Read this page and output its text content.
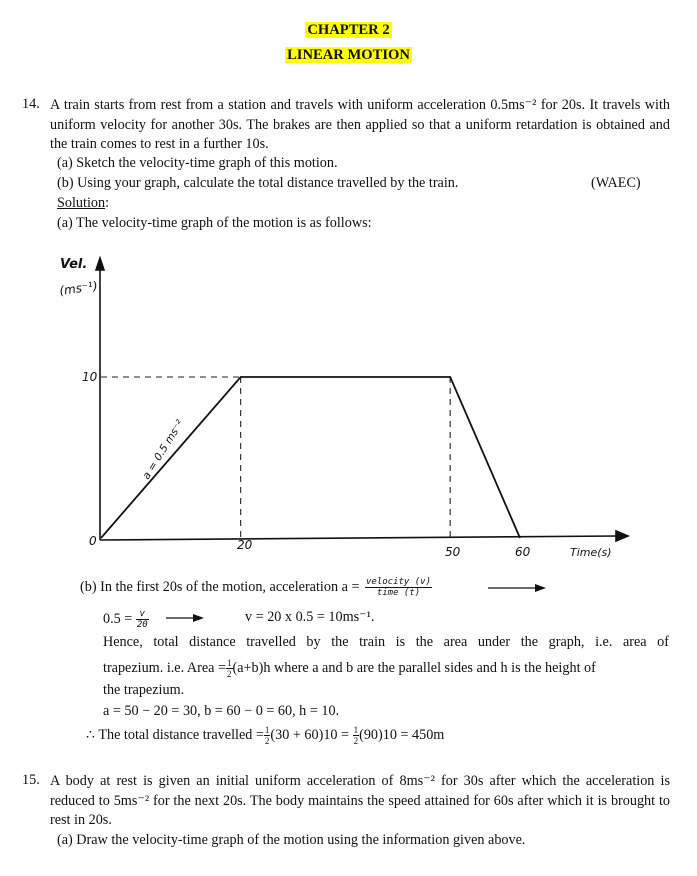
CHAPTER 2
LINEAR MOTION
14. A train starts from rest from a station and travels with uniform acceleration 0.5ms⁻² for 20s. It travels with uniform velocity for another 30s. The brakes are then applied so that a uniform retardation is obtained and the train comes to rest in a further 10s.
(a) Sketch the velocity-time graph of this motion.
(b) Using your graph, calculate the total distance travelled by the train.	(WAEC)
Solution:
(a) The velocity-time graph of the motion is as follows:
Vel.
(ms⁻¹)
10
0	20	50	60	Time(s)
a = 0.5 ms⁻²
(b) In the first 20s of the motion, acceleration $a = \frac{\text{velocity (v)}}{\text{time (t)}}$
$0.5 = \frac{v}{20}$	v = 20 x 0.5 = 10ms⁻¹.
Hence, total distance travelled by the train is the area under the graph, i.e. area of
trapezium. i.e. Area = $\frac{1}{2} (a+b)h$ where a and b are the parallel sides and h is the height of
the trapezium.
a = 50 − 20 = 30, b = 60 − 0 = 60, h = 10.
∴ The total distance travelled = $\frac{1}{2} (30 + 60)10 = \frac{1}{2} (90)10 = 450m$
15. A body at rest is given an initial uniform acceleration of 8ms⁻² for 30s after which the acceleration is reduced to 5ms⁻² for the next 20s. The body maintains the speed attained for 60s after which it is brought to rest in 20s.
(a) Draw the velocity-time graph of the motion using the information given above.
